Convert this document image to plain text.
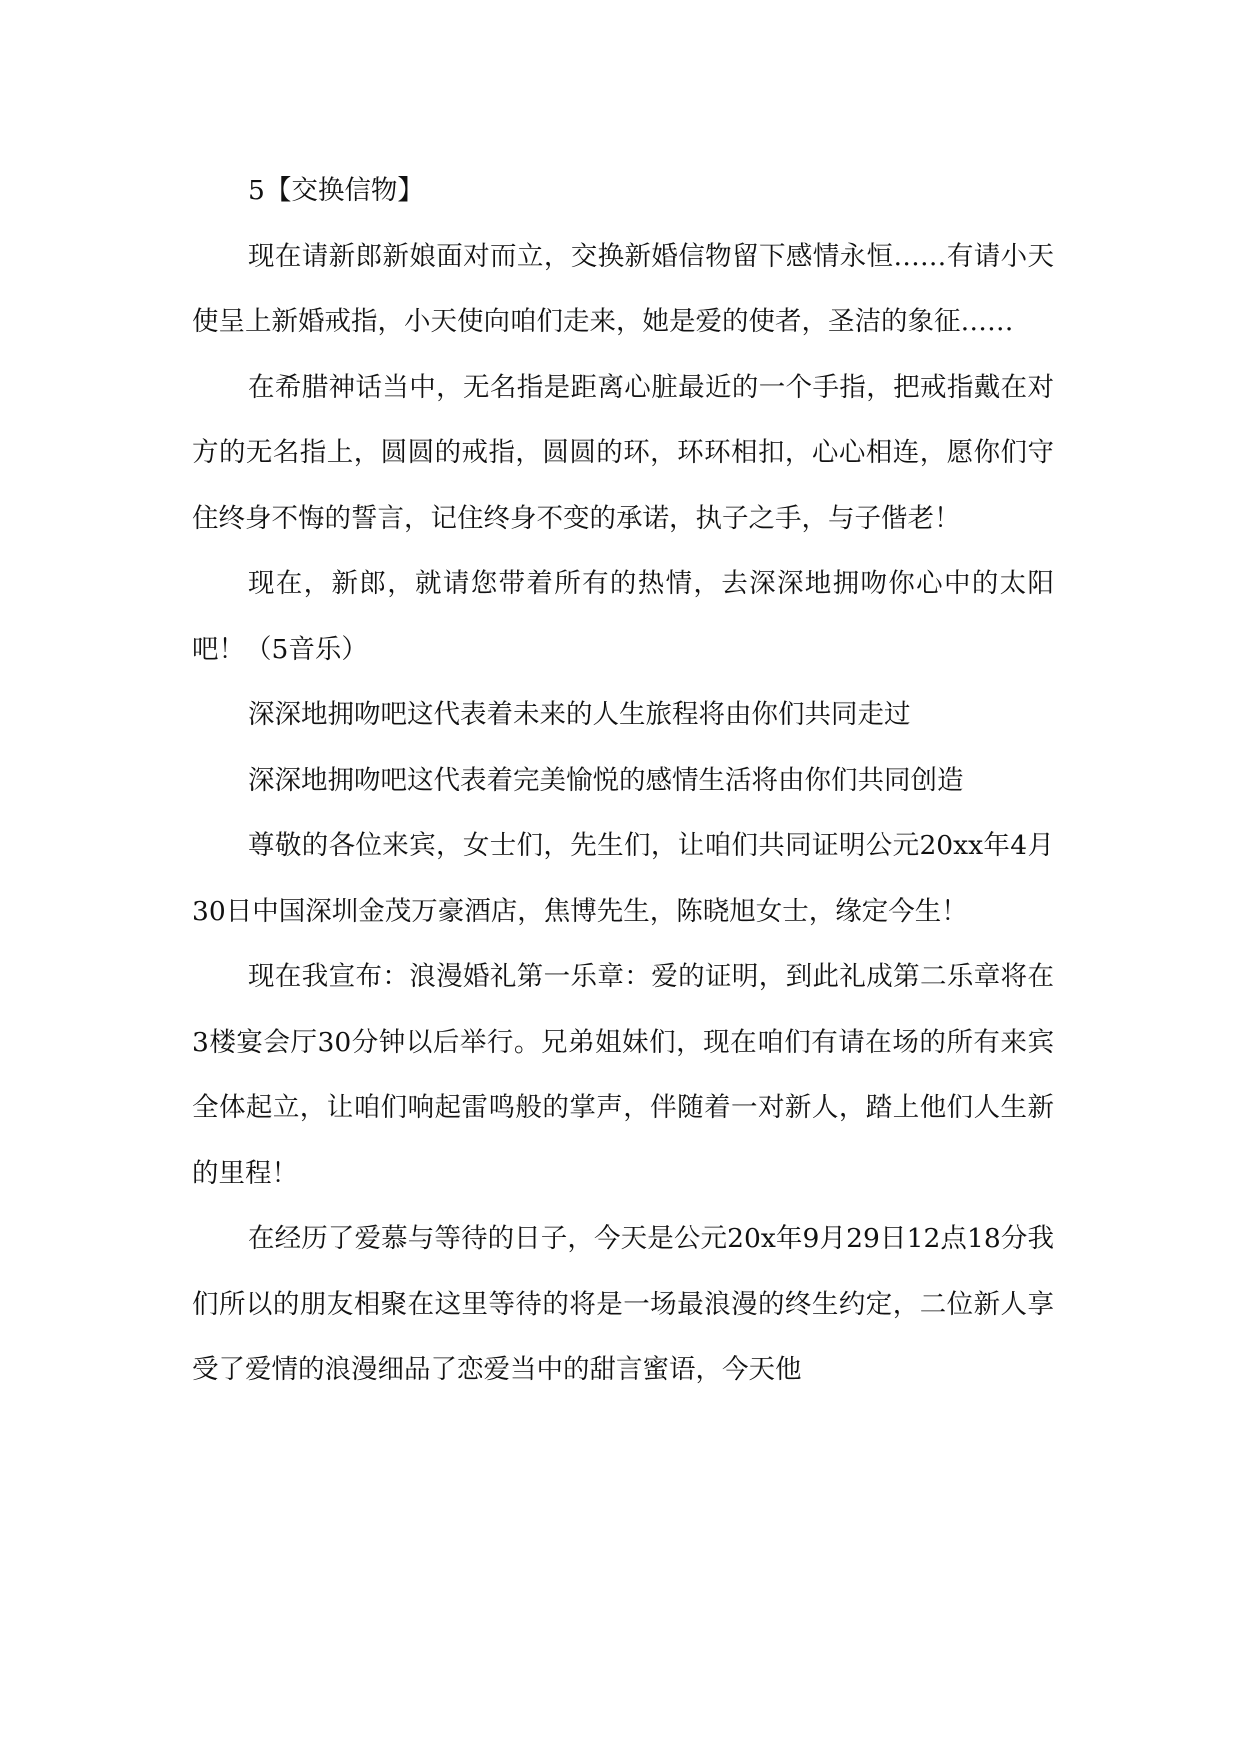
5【交换信物】

现在请新郎新娘面对而立，交换新婚信物留下感情永恒……有请小天使呈上新婚戒指，小天使向咱们走来，她是爱的使者，圣洁的象征……

在希腊神话当中，无名指是距离心脏最近的一个手指，把戒指戴在对方的无名指上，圆圆的戒指，圆圆的环，环环相扣，心心相连，愿你们守住终身不悔的誓言，记住终身不变的承诺，执子之手，与子偕老！

现在，新郎，就请您带着所有的热情，去深深地拥吻你心中的太阳吧！（5音乐）

深深地拥吻吧这代表着未来的人生旅程将由你们共同走过

深深地拥吻吧这代表着完美愉悦的感情生活将由你们共同创造

尊敬的各位来宾，女士们，先生们，让咱们共同证明公元20xx年4月30日中国深圳金茂万豪酒店，焦博先生，陈晓旭女士，缘定今生！

现在我宣布：浪漫婚礼第一乐章：爱的证明，到此礼成第二乐章将在3楼宴会厅30分钟以后举行。兄弟姐妹们，现在咱们有请在场的所有来宾全体起立，让咱们响起雷鸣般的掌声，伴随着一对新人，踏上他们人生新的里程！

在经历了爱慕与等待的日子，今天是公元20x年9月29日12点18分我们所以的朋友相聚在这里等待的将是一场最浪漫的终生约定，二位新人享受了爱情的浪漫细品了恋爱当中的甜言蜜语，今天他
